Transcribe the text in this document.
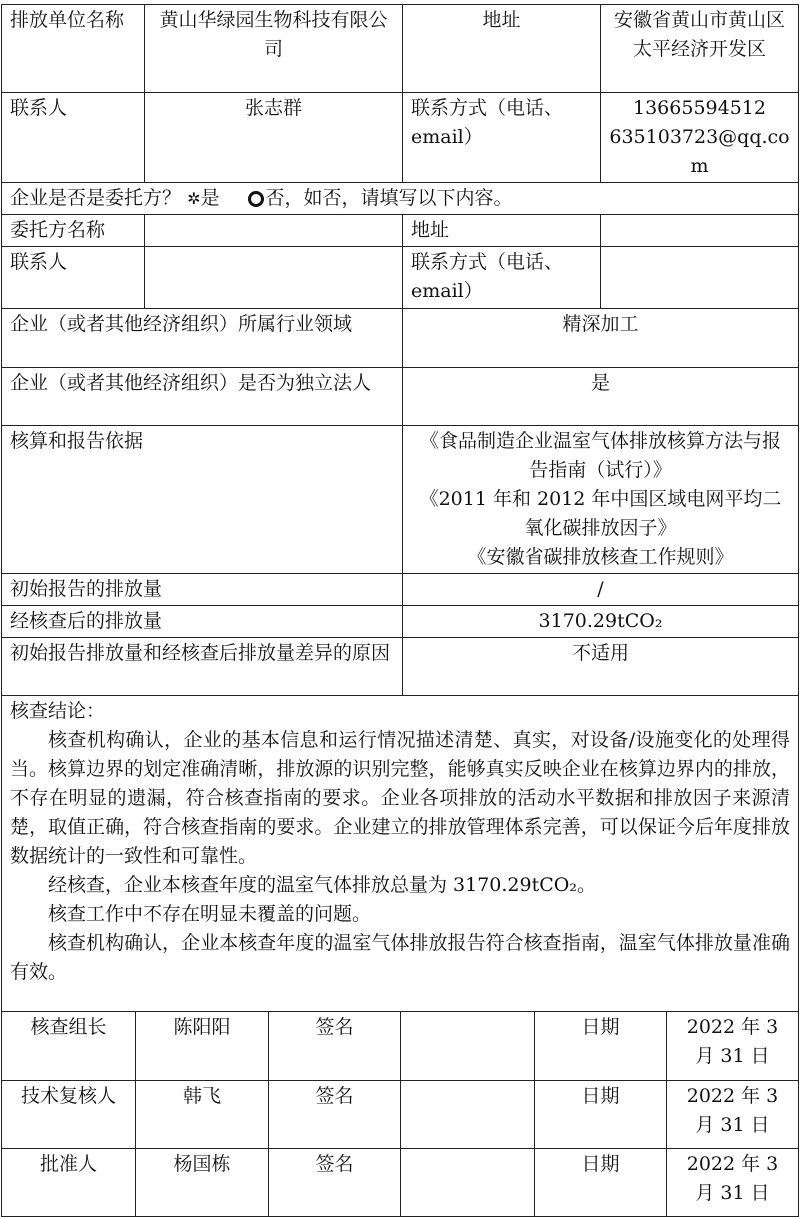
排放单位名称	黄山华绿园生物科技有限公司	地址	安徽省黄山市黄山区太平经济开发区
联系人	张志群	联系方式（电话、email）	13665594512
635103723@qq.com

企业是否是委托方？ ✲是 否，如否，请填写以下内容。			
委托方名称		地址	
联系人		联系方式（电话、email）	
企业（或者其他经济组织）所属行业领域		精深加工	
企业（或者其他经济组织）是否为独立法人		是	
核算和报告依据		《食品制造企业温室气体排放核算方法与报告指南（试行）》
《2011 年和 2012 年中国区域电网平均二氧化碳排放因子》
《安徽省碳排放核查工作规则》	

初始报告的排放量		/	
经核查后的排放量		3170.29tCO₂	
初始报告排放量和经核查后排放量差异的原因		不适用	

核查结论：
核查机构确认，企业的基本信息和运行情况描述清楚、真实，对设备/设施变化的处理得当。核算边界的划定准确清晰，排放源的识别完整，能够真实反映企业在核算边界内的排放，不存在明显的遗漏，符合核查指南的要求。企业各项排放的活动水平数据和排放因子来源清楚，取值正确，符合核查指南的要求。企业建立的排放管理体系完善，可以保证今后年度排放数据统计的一致性和可靠性。
经核查，企业本核查年度的温室气体排放总量为 3170.29tCO₂。
核查工作中不存在明显未覆盖的问题。
核查机构确认，企业本核查年度的温室气体排放报告符合核查指南，温室气体排放量准确有效。			
核查组长	陈阳阳	签名		日期	2022 年 3 月 31 日
技术复核人	韩飞	签名		日期	2022 年 3 月 31 日
批准人	杨国栋	签名		日期	2022 年 3 月 31 日
